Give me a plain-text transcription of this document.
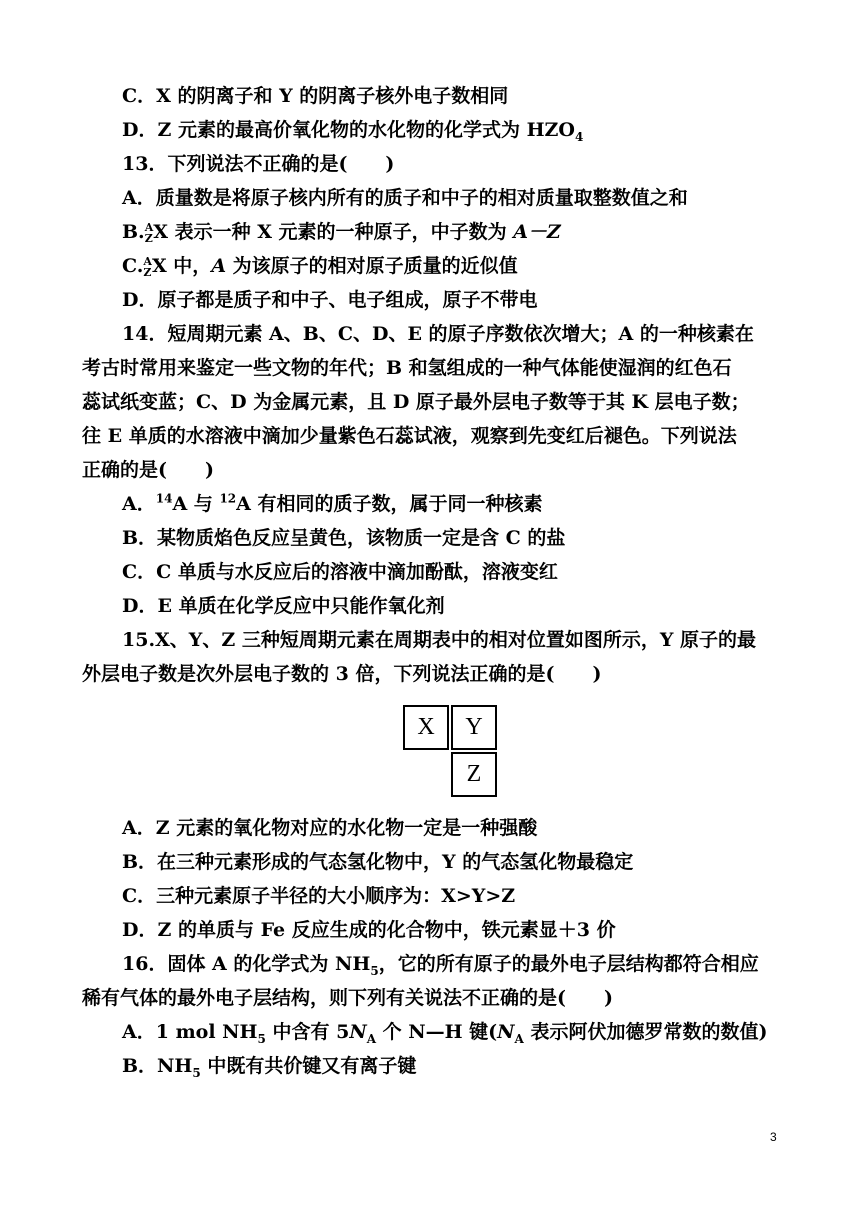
C．X 的阴离子和 Y 的阴离子核外电子数相同
D．Z 元素的最高价氧化物的水化物的化学式为 $HZO_4$
13．下列说法不正确的是(　　)
A．质量数是将原子核内所有的质子和中子的相对质量取整数值之和
B. A
Z X 表示一种 X 元素的一种原子，中子数为 A－Z
C. A
Z X 中，A 为该原子的相对原子质量的近似值
D．原子都是质子和中子、电子组成，原子不带电
14．短周期元素 A、B、C、D、E 的原子序数依次增大；A 的一种核素在
考古时常用来鉴定一些文物的年代；B 和氢组成的一种气体能使湿润的红色石
蕊试纸变蓝；C、D 为金属元素，且 D 原子最外层电子数等于其 K 层电子数；
往 E 单质的水溶液中滴加少量紫色石蕊试液，观察到先变红后褪色。下列说法
正确的是(　　)
A．$^{14}$A 与 $^{12}$A 有相同的质子数，属于同一种核素
B．某物质焰色反应呈黄色，该物质一定是含 C 的盐
C．C 单质与水反应后的溶液中滴加酚酞，溶液变红
D．E 单质在化学反应中只能作氧化剂
15.X、Y、Z 三种短周期元素在周期表中的相对位置如图所示，Y 原子的最
外层电子数是次外层电子数的 3 倍，下列说法正确的是(　　)
X	Y
Z
A．Z 元素的氧化物对应的水化物一定是一种强酸
B．在三种元素形成的气态氢化物中，Y 的气态氢化物最稳定
C．三种元素原子半径的大小顺序为：X>Y>Z
D．Z 的单质与 Fe 反应生成的化合物中，铁元素显＋3 价
16．固体 A 的化学式为 $NH_5$，它的所有原子的最外电子层结构都符合相应
稀有气体的最外电子层结构，则下列有关说法不正确的是(　　)
A．1 mol $NH_5$ 中含有 $5N_A$ 个 N—H 键($N_A$ 表示阿伏加德罗常数的数值)
B．$NH_5$ 中既有共价键又有离子键
3
